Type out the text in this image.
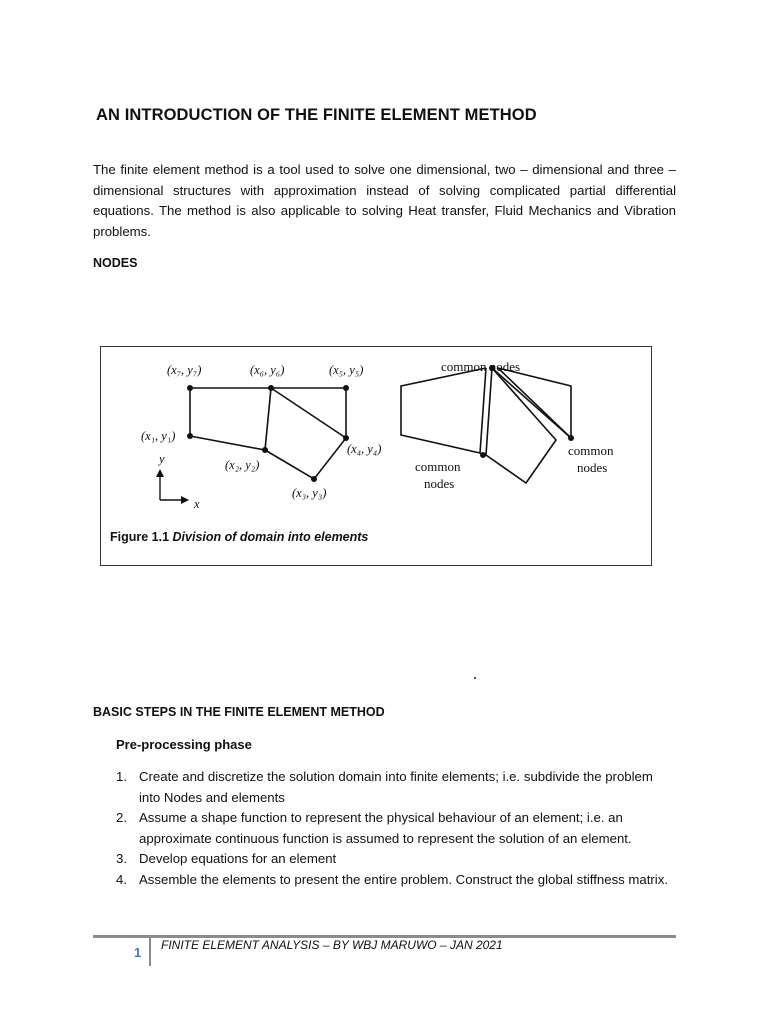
AN INTRODUCTION OF THE FINITE ELEMENT METHOD
The finite element method is a tool used to solve one dimensional, two – dimensional and three – dimensional structures with approximation instead of solving complicated partial differential equations. The method is also applicable to solving Heat transfer, Fluid Mechanics and Vibration problems.
NODES
(x₇, y₇)	(x₆, y₆)	(x₅, y₅)
(x₁, y₁)
(x₂, y₂)
(x₄, y₄)
(x₃, y₃)
y
x
common nodes
common
nodes
common
nodes
Figure 1.1 Division of domain into elements
BASIC STEPS IN THE FINITE ELEMENT METHOD
Pre-processing phase
1. Create and discretize the solution domain into finite elements; i.e. subdivide the problem into Nodes and elements
2. Assume a shape function to represent the physical behaviour of an element; i.e. an approximate continuous function is assumed to represent the solution of an element.
3. Develop equations for an element
4. Assemble the elements to present the entire problem. Construct the global stiffness matrix.
1 FINITE ELEMENT ANALYSIS – BY WBJ MARUWO – JAN 2021
